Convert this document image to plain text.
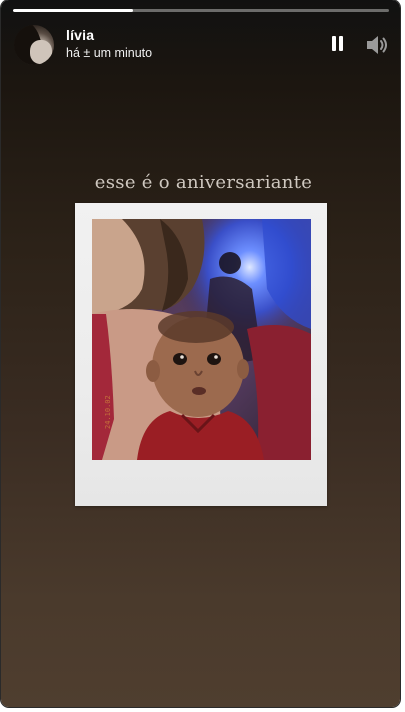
lívia
há ± um minuto
esse é o aniversariante
24.10.02
